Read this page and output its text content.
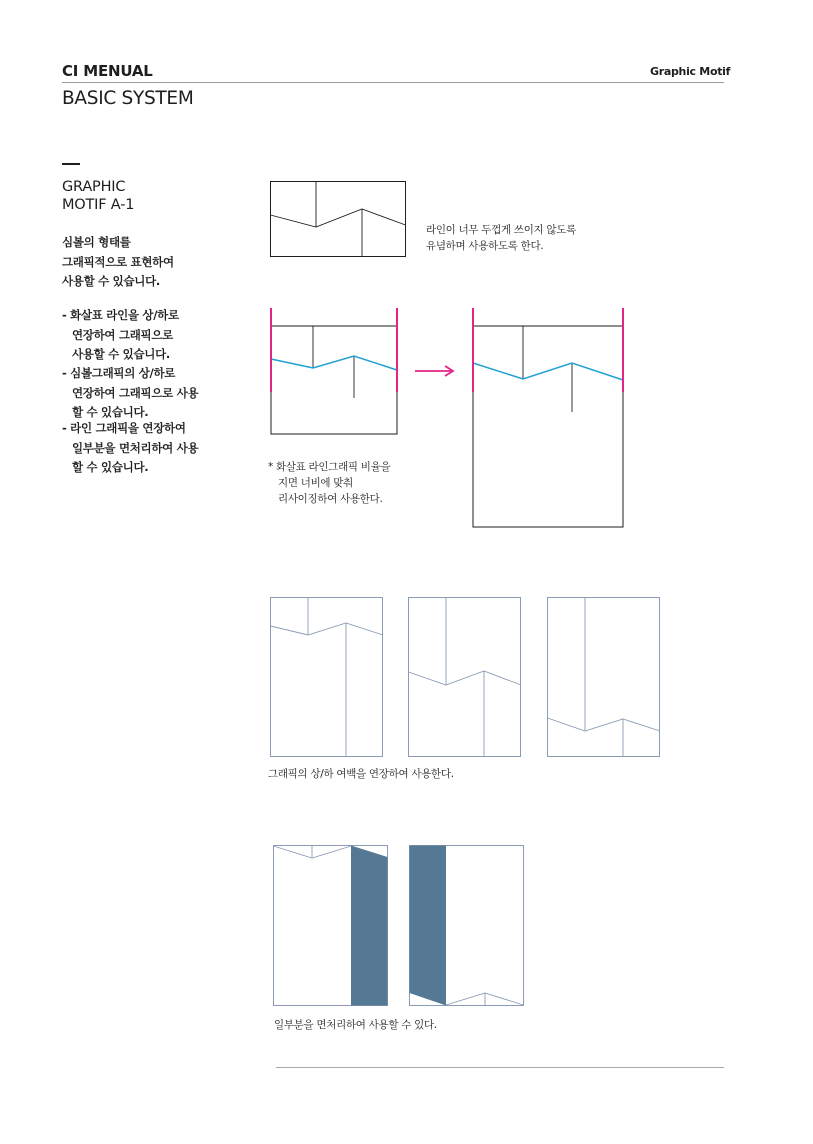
CI MENUAL	Graphic Motif
BASIC SYSTEM
GRAPHIC
MOTIF A-1
심볼의 형태를
그래픽적으로 표현하여
사용할 수 있습니다.
- 화살표 라인을 상/하로
연장하여 그래픽으로
사용할 수 있습니다.
- 심볼그래픽의 상/하로
연장하여 그래픽으로 사용
할 수 있습니다.
- 라인 그래픽을 연장하여
일부분을 면처리하여 사용
할 수 있습니다.
라인이 너무 두껍게 쓰이지 않도록
유념하며 사용하도록 한다.
* 화살표 라인그래픽 비율을
지면 너비에 맞춰
리사이징하여 사용한다.
그래픽의 상/하 여백을 연장하여 사용한다.
일부분을 면처리하여 사용할 수 있다.
